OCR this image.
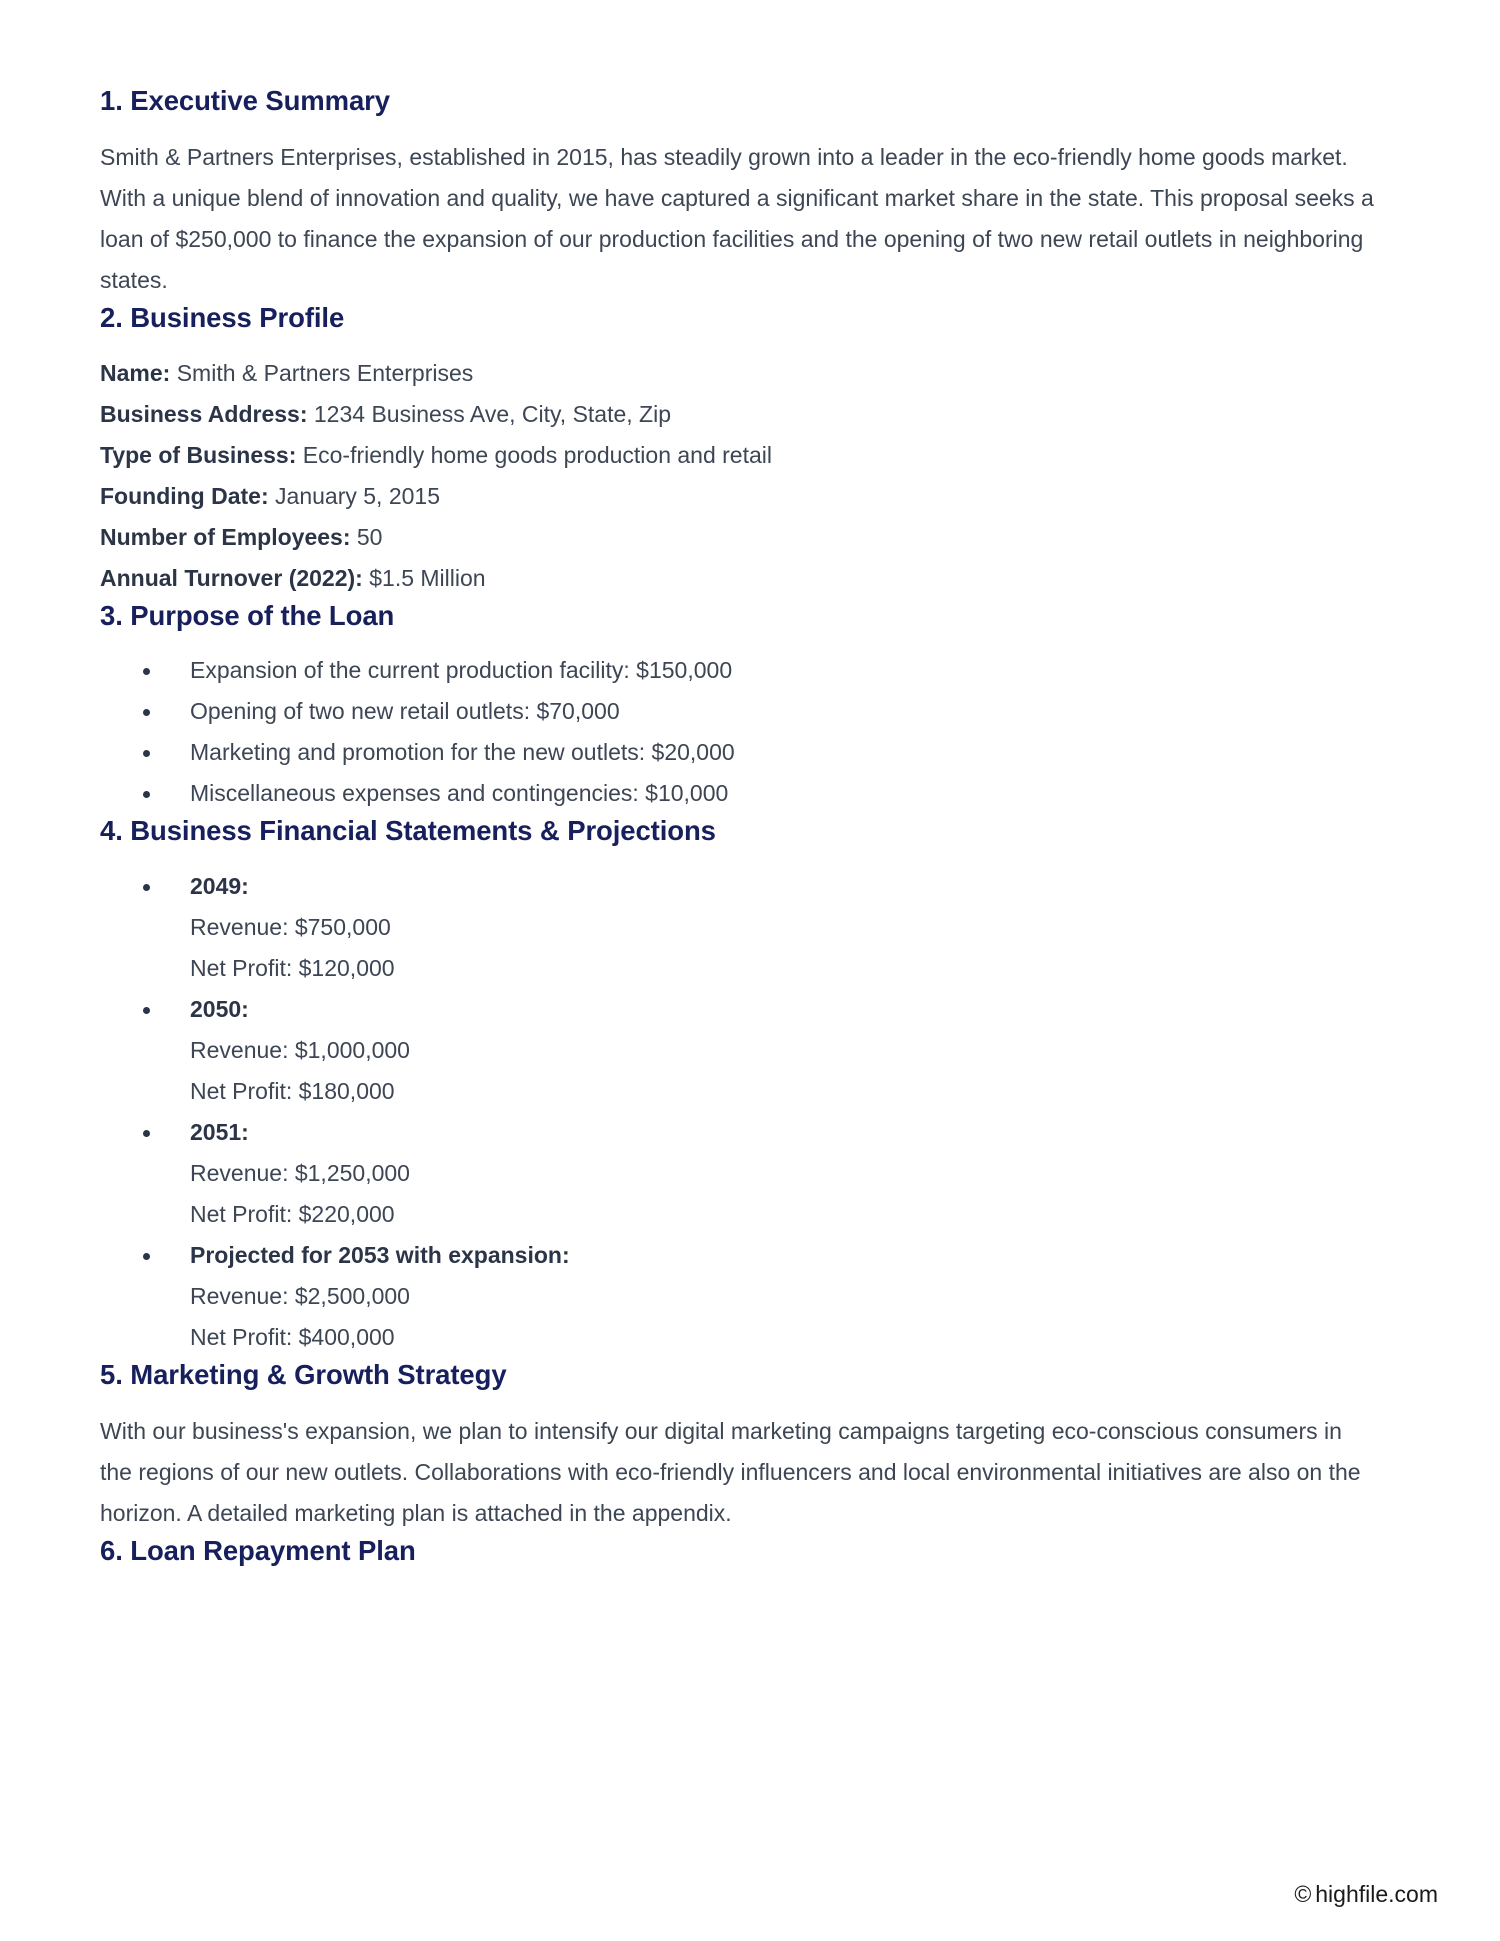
1. Executive Summary

Smith & Partners Enterprises, established in 2015, has steadily grown into a leader in the eco-friendly home goods market. With a unique blend of innovation and quality, we have captured a significant market share in the state. This proposal seeks a loan of $250,000 to finance the expansion of our production facilities and the opening of two new retail outlets in neighboring states.

2. Business Profile
Name: Smith & Partners Enterprises
Business Address: 1234 Business Ave, City, State, Zip
Type of Business: Eco-friendly home goods production and retail
Founding Date: January 5, 2015
Number of Employees: 50
Annual Turnover (2022): $1.5 Million
3. Purpose of the Loan
Expansion of the current production facility: $150,000
Opening of two new retail outlets: $70,000
Marketing and promotion for the new outlets: $20,000
Miscellaneous expenses and contingencies: $10,000
4. Business Financial Statements & Projections
2049:
Revenue: $750,000
Net Profit: $120,000
2050:
Revenue: $1,000,000
Net Profit: $180,000
2051:
Revenue: $1,250,000
Net Profit: $220,000
Projected for 2053 with expansion:
Revenue: $2,500,000
Net Profit: $400,000
5. Marketing & Growth Strategy

With our business's expansion, we plan to intensify our digital marketing campaigns targeting eco-conscious consumers in the regions of our new outlets. Collaborations with eco-friendly influencers and local environmental initiatives are also on the horizon. A detailed marketing plan is attached in the appendix.

6. Loan Repayment Plan
© highfile.com
